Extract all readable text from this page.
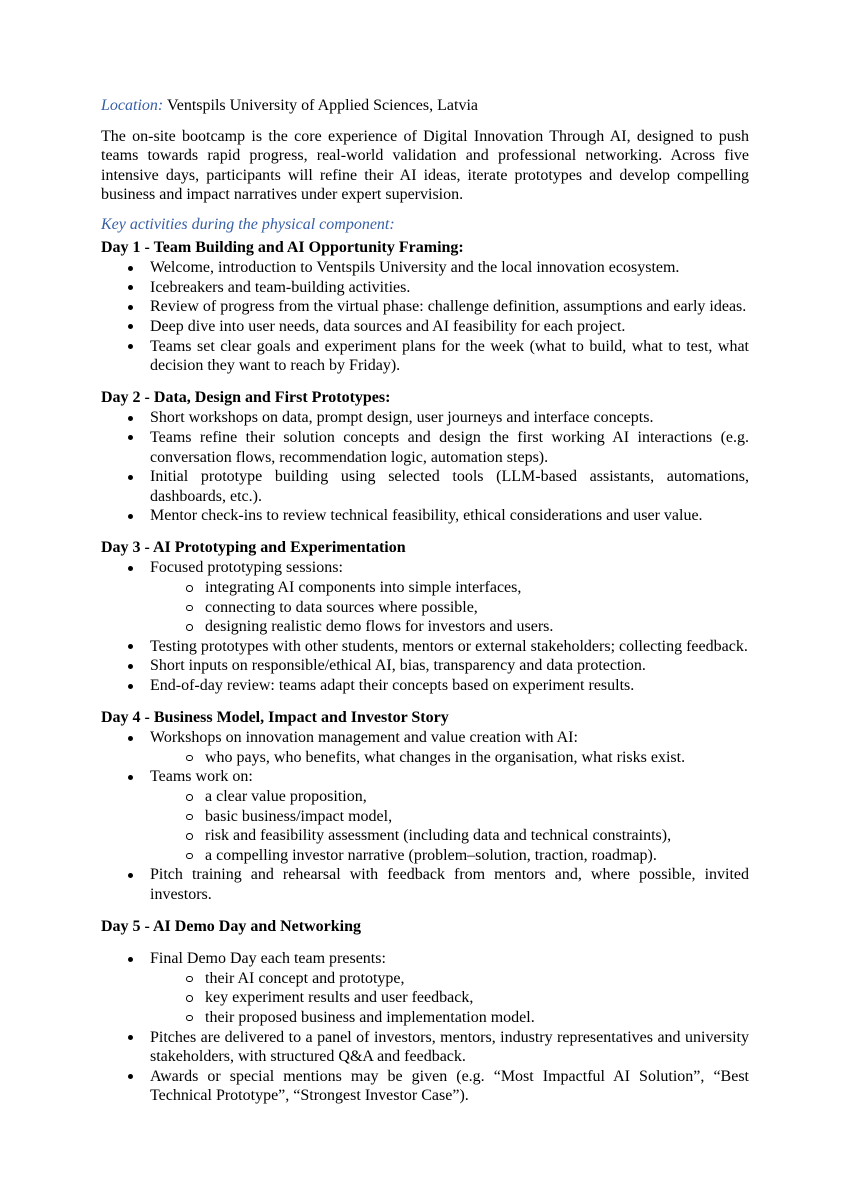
Location: Ventspils University of Applied Sciences, Latvia

The on-site bootcamp is the core experience of Digital Innovation Through AI, designed to push teams towards rapid progress, real-world validation and professional networking. Across five intensive days, participants will refine their AI ideas, iterate prototypes and develop compelling business and impact narratives under expert supervision.

Key activities during the physical component:

Day 1 - Team Building and AI Opportunity Framing:
Welcome, introduction to Ventspils University and the local innovation ecosystem.
Icebreakers and team-building activities.
Review of progress from the virtual phase: challenge definition, assumptions and early ideas.
Deep dive into user needs, data sources and AI feasibility for each project.
Teams set clear goals and experiment plans for the week (what to build, what to test, what decision they want to reach by Friday).
Day 2 - Data, Design and First Prototypes:
Short workshops on data, prompt design, user journeys and interface concepts.
Teams refine their solution concepts and design the first working AI interactions (e.g. conversation flows, recommendation logic, automation steps).
Initial prototype building using selected tools (LLM-based assistants, automations, dashboards, etc.).
Mentor check-ins to review technical feasibility, ethical considerations and user value.
Day 3 - AI Prototyping and Experimentation
Focused prototyping sessions:
integrating AI components into simple interfaces,
connecting to data sources where possible,
designing realistic demo flows for investors and users.
Testing prototypes with other students, mentors or external stakeholders; collecting feedback.
Short inputs on responsible/ethical AI, bias, transparency and data protection.
End-of-day review: teams adapt their concepts based on experiment results.
Day 4 - Business Model, Impact and Investor Story
Workshops on innovation management and value creation with AI:
who pays, who benefits, what changes in the organisation, what risks exist.
Teams work on:
a clear value proposition,
basic business/impact model,
risk and feasibility assessment (including data and technical constraints),
a compelling investor narrative (problem–solution, traction, roadmap).
Pitch training and rehearsal with feedback from mentors and, where possible, invited investors.
Day 5 - AI Demo Day and Networking
Final Demo Day each team presents:
their AI concept and prototype,
key experiment results and user feedback,
their proposed business and implementation model.
Pitches are delivered to a panel of investors, mentors, industry representatives and university stakeholders, with structured Q&A and feedback.
Awards or special mentions may be given (e.g. “Most Impactful AI Solution”, “Best Technical Prototype”, “Strongest Investor Case”).
